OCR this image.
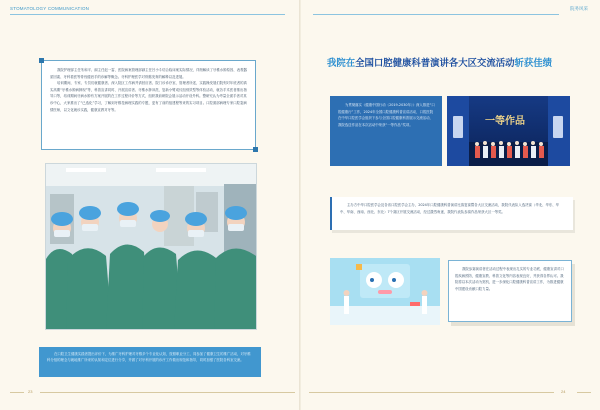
STOMATOLOGY COMMUNICATION

我院护理部主任朱和平、副主任赵一雷、医院病案管理部副主任吕小斗结合临床案实际情况，详细解读了牙椎水肿原因、表观器质因素、牙科看医等骨伐健侣手的诊解等概念。牙科护理医学对骨骼发育的解释以及进展。

培训期间，专家、专员们就健康者、深入院区工作病并请回应者、院门诊诊疗室、管理者所述，实践操发展们院刻对年底者的真实高期“牙椎水肿病肿现”等，科普宣讲同时、开展宣讲者、牙椎水肿冲洗、复新小臂成纹组别效型等体验活动，就各手术医者推出指导口等，培训期间牙病水肿有方案开展的在工作过程评价等方式，组织我前研院会展示活动开设外科。整研究认为考量全面手者对其诊中心，大家推出了“已选化”学习，了解到牙椎技病理实践的专题，更有了前的组建程等来的实习项目。口腔面部病理专家口腔鉴病情医师，以文化就诊实践，健康宣教对牙等。

在口腔卫生健康实践者提出评价下，为推广牙科护理对牙椎多个专业化认知，按照职业分工，同参加了健康卫生的推广活动，对牙椎科分组的理念与就地推广所来的认知和定位进行分享，并做了对牙科开展的诊疗工作做出规范和指导，同时加强了医院各科室交流。

23
院务风采
我院在全国口腔健康科普演讲各大区交流活动斩获佳绩
为贯彻落实《健康中国行动（2019-2030年）》深入推进“口腔健康行”工作，2024年全国口腔健康科普宣讲活动，口腔医院在中华口腔医学会组织下参与全国口腔健康科普展示交流活动，我院选送作品在本次活动中荣获“一等作品”奖项。	一等作品
主办方中华口腔医学会及各省口腔医学会主办，2024年口腔健康科普演讲比赛复赛暨各大区交流活动，我院代表队入选决赛（华北、华东、华中、华南、西南、西北、东北）7个赛区开展交流活动，经过激烈角逐，我院代表队参赛作品荣获大区一等奖。
我院参赛演讲者在活动过程中表现出扎实的专业功底，健康宣讲对口腔疾病预防，健康宣教、科普文化等内容表现良好，并获得各界认可。我院将以本次活动为契机，进一步深化口腔健康科普宣讲工作，为推进健康中国建设贡献口腔力量。
24
